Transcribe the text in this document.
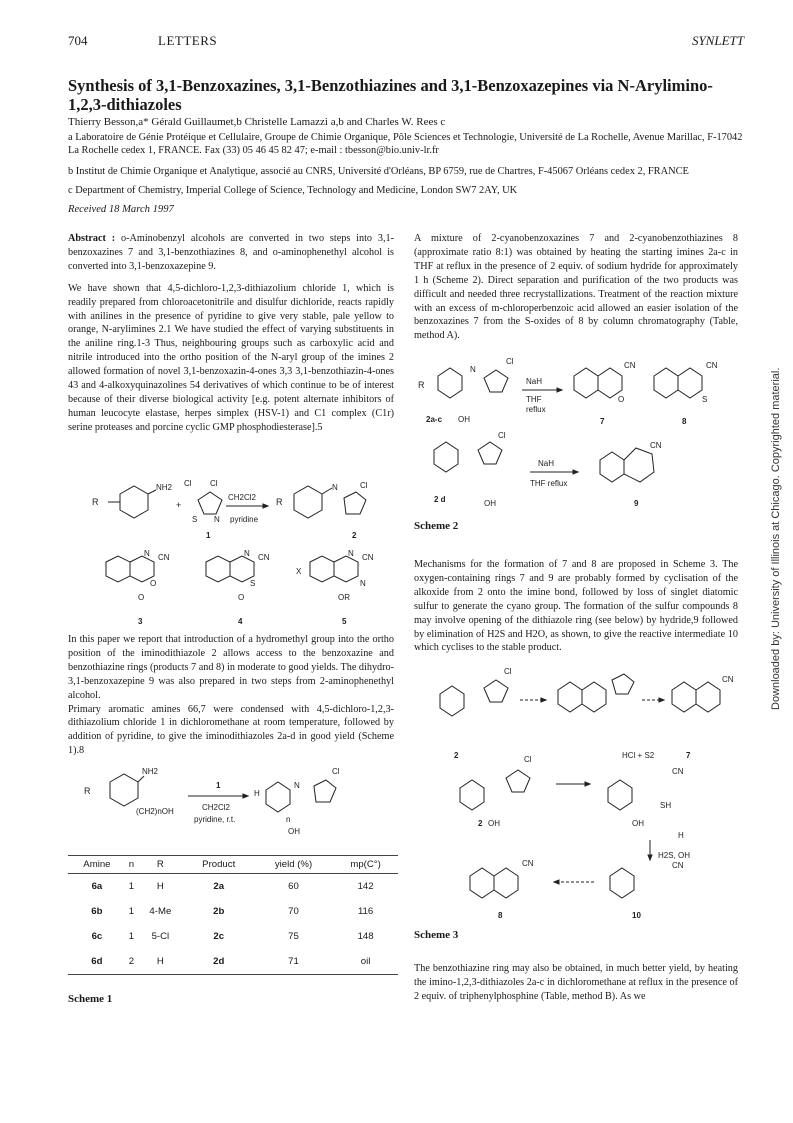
704	LETTERS	SYNLETT
Synthesis of 3,1-Benzoxazines, 3,1-Benzothiazines and 3,1-Benzoxazepines via N-Arylimino-1,2,3-dithiazoles
Thierry Besson,a* Gérald Guillaumet,b Christelle Lamazzi a,b and Charles W. Rees c
a Laboratoire de Génie Protéique et Cellulaire, Groupe de Chimie Organique, Pôle Sciences et Technologie, Université de La Rochelle, Avenue Marillac, F-17042 La Rochelle cedex 1, FRANCE. Fax (33) 05 46 45 82 47; e-mail : tbesson@bio.univ-lr.fr
b Institut de Chimie Organique et Analytique, associé au CNRS, Université d'Orléans, BP 6759, rue de Chartres, F-45067 Orléans cedex 2, FRANCE
c Department of Chemistry, Imperial College of Science, Technology and Medicine, London SW7 2AY, UK
Received 18 March 1997

Abstract : o-Aminobenzyl alcohols are converted in two steps into 3,1-benzoxazines 7 and 3,1-benzothiazines 8, and o-aminophenethyl alcohol is converted into 3,1-benzoxazepine 9.

We have shown that 4,5-dichloro-1,2,3-dithiazolium chloride 1, which is readily prepared from chloroacetonitrile and disulfur dichloride, reacts rapidly with anilines in the presence of pyridine to give very stable, pale yellow to orange, N-arylimines 2.1 We have studied the effect of varying substituents in the aniline ring.1-3 Thus, neighbouring groups such as carboxylic acid and nitrile introduced into the ortho position of the N-aryl group of the imines 2 allowed formation of novel 3,1-benzoxazin-4-ones 3,3 3,1-benzothiazin-4-ones 43 and 4-alkoxyquinazolines 54 derivatives of which continue to be of interest because of their diverse biological activity [e.g. potent alternate inhibitors of human leucocyte elastase, herpes simplex (HSV-1) and C1 complex (C1r) serine proteases and porcine cyclic GMP phosphodiesterase].5

In this paper we report that introduction of a hydromethyl group into the ortho position of the iminodithiazole 2 allows access to the benzoxazine and benzothiazine rings (products 7 and 8) in moderate to good yields. The dihydro-3,1-benzoxazepine 9 was also prepared in two steps from 2-aminophenethyl alcohol.

Primary aromatic amines 66,7 were condensed with 4,5-dichloro-1,2,3-dithiazolium chloride 1 in dichloromethane at room temperature, followed by addition of pyridine, to give the iminodithiazoles 2a-d in good yield (Scheme 1).8

A mixture of 2-cyanobenzoxazines 7 and 2-cyanobenzothiazines 8 (approximate ratio 8:1) was obtained by heating the starting imines 2a-c in THF at reflux in the presence of 2 equiv. of sodium hydride for approximately 1 h (Scheme 2). Direct separation and purification of the two products was difficult and needed three recrystallizations. Treatment of the reaction mixture with an excess of m-chloroperbenzoic acid allowed an easier isolation of the benzoxazines 7 from the S-oxides of 8 by column chromatography (Table, method A).
Mechanisms for the formation of 7 and 8 are proposed in Scheme 3. The oxygen-containing rings 7 and 9 are probably formed by cyclisation of the alkoxide from 2 onto the imine bond, followed by loss of singlet diatomic sulfur to generate the cyano group. The formation of the sulfur compounds 8 may involve opening of the dithiazole ring (see below) by hydride,9 followed by elimination of H2S and H2O, as shown, to give the reactive intermediate 10 which cyclises to the stable product.
The benzothiazine ring may also be obtained, in much better yield, by heating the imino-1,2,3-dithiazoles 2a-c in dichloromethane at reflux in the presence of 2 equiv. of triphenylphosphine (Table, method B). As we
Scheme 1
Scheme 2
Scheme 3
NH2
R	+
Cl Cl
S N
1
CH2Cl2
pyridine
R
N	Cl
2
N CN
O
O
3
N CN
S
O
4
X
N CN
N
OR
5
R
NH2
(CH2)nOH
1
CH2Cl2
pyridine, r.t.
H
N
Cl
n
OH
Amine	n	R	Product	yield (%)	mp(C°)
6a	1	H	2a	60	142
6b	1	4-Me	2b	70	116
6c	1	5-Cl	2c	75	148
6d	2	H	2d	71	oil
R
N
Cl
2a-c OH
NaH
THF
reflux
CN
O
7
CN
S
8
Cl
2 d	OH
NaH
THF reflux
CN
9
Cl
2
CN
HCl + S2	7
Cl
2 OH
CN
SH
OH
H
H2S, OH
CN
8
CN
10
Downloaded by: University of Illinois at Chicago. Copyrighted material.
